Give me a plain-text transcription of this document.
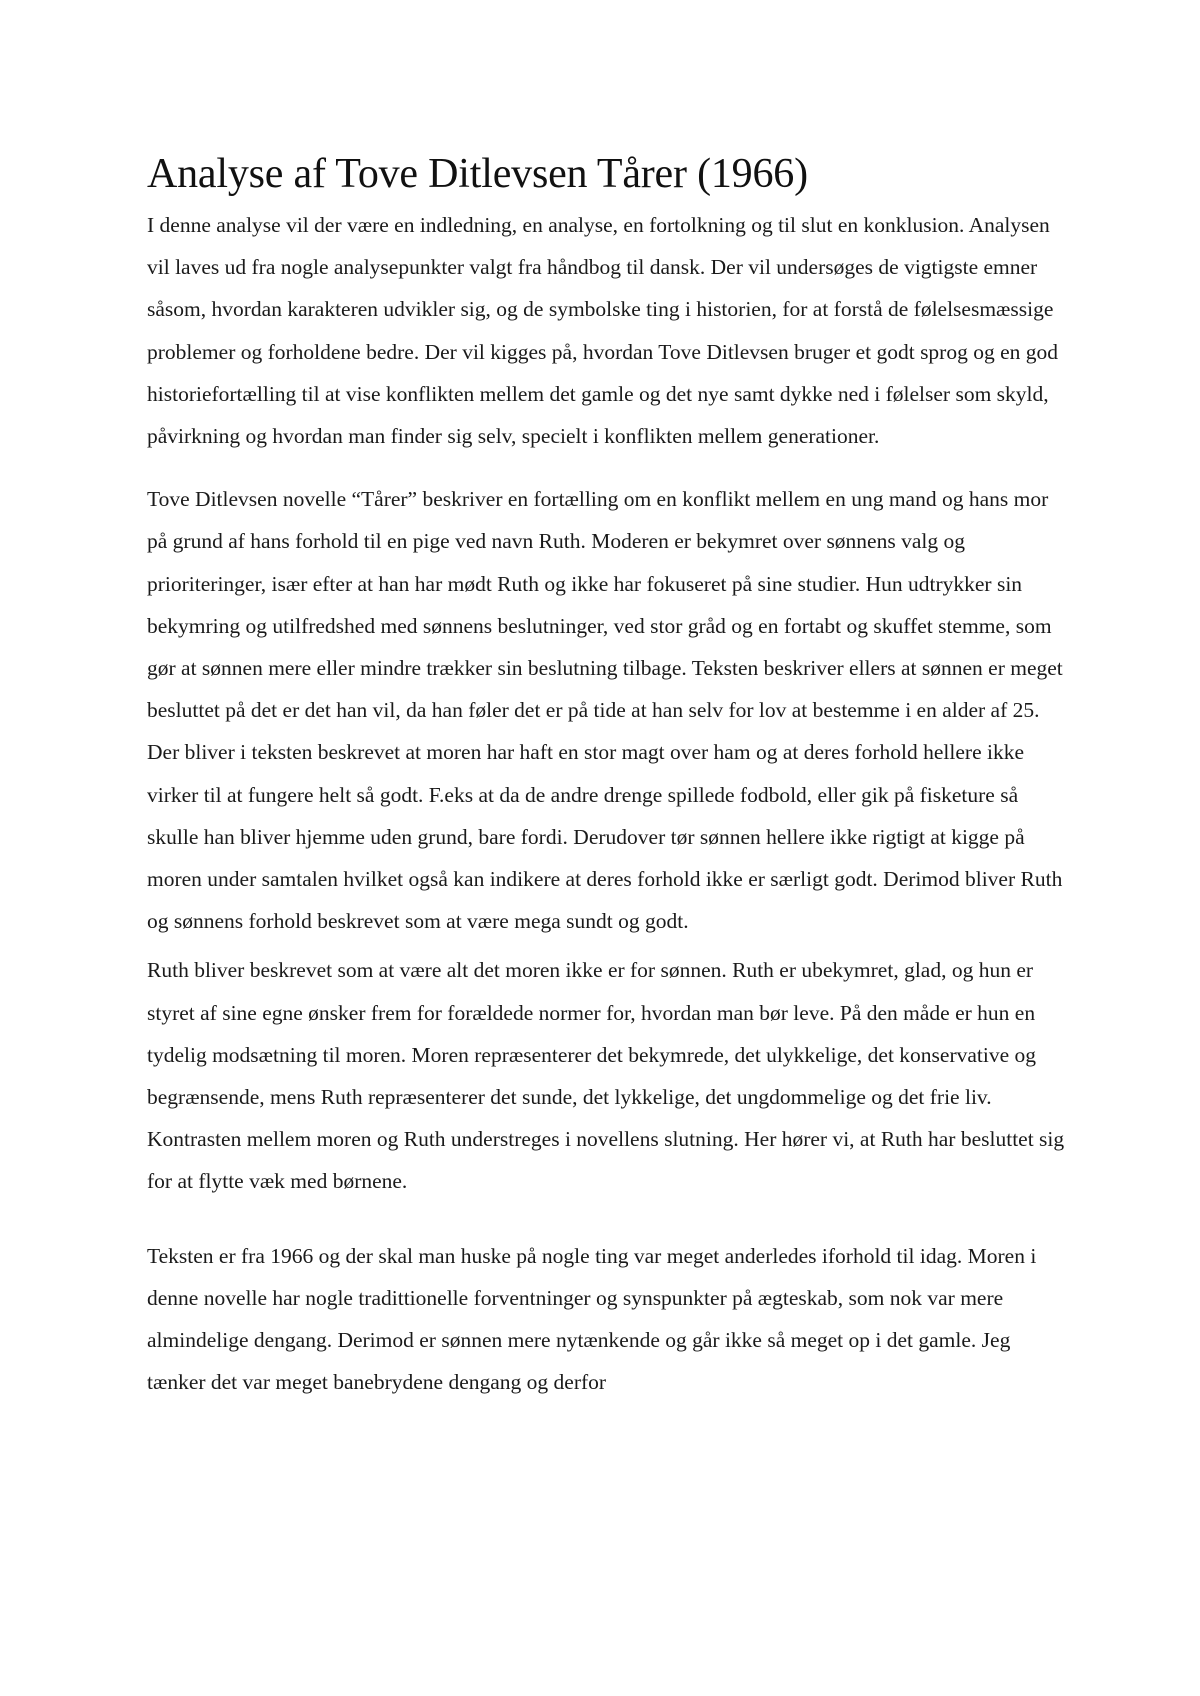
Analyse af Tove Ditlevsen Tårer (1966)

I denne analyse vil der være en indledning, en analyse, en fortolkning og til slut en konklusion. Analysen vil laves ud fra nogle analysepunkter valgt fra håndbog til dansk. Der vil undersøges de vigtigste emner såsom, hvordan karakteren udvikler sig, og de symbolske ting i historien, for at forstå de følelsesmæssige problemer og forholdene bedre. Der vil kigges på, hvordan Tove Ditlevsen bruger et godt sprog og en god historiefortælling til at vise konflikten mellem det gamle og det nye samt dykke ned i følelser som skyld, påvirkning og hvordan man finder sig selv, specielt i konflikten mellem generationer.

Tove Ditlevsen novelle “Tårer” beskriver en fortælling om en konflikt mellem en ung mand og hans mor på grund af hans forhold til en pige ved navn Ruth. Moderen er bekymret over sønnens valg og prioriteringer, især efter at han har mødt Ruth og ikke har fokuseret på sine studier. Hun udtrykker sin bekymring og utilfredshed med sønnens beslutninger, ved stor gråd og en fortabt og skuffet stemme, som gør at sønnen mere eller mindre trækker sin beslutning tilbage. Teksten beskriver ellers at sønnen er meget besluttet på det er det han vil, da han føler det er på tide at han selv for lov at bestemme i en alder af 25. Der bliver i teksten beskrevet at moren har haft en stor magt over ham og at deres forhold hellere ikke virker til at fungere helt så godt. F.eks at da de andre drenge spillede fodbold, eller gik på fisketure så skulle han bliver hjemme uden grund, bare fordi. Derudover tør sønnen hellere ikke rigtigt at kigge på moren under samtalen hvilket også kan indikere at deres forhold ikke er særligt godt. Derimod bliver Ruth og sønnens forhold beskrevet som at være mega sundt og godt.

Ruth bliver beskrevet som at være alt det moren ikke er for sønnen. Ruth er ubekymret, glad, og hun er styret af sine egne ønsker frem for forældede normer for, hvordan man bør leve. På den måde er hun en tydelig modsætning til moren. Moren repræsenterer det bekymrede, det ulykkelige, det konservative og begrænsende, mens Ruth repræsenterer det sunde, det lykkelige, det ungdommelige og det frie liv. Kontrasten mellem moren og Ruth understreges i novellens slutning. Her hører vi, at Ruth har besluttet sig for at flytte væk med børnene.

Teksten er fra 1966 og der skal man huske på nogle ting var meget anderledes iforhold til idag. Moren i denne novelle har nogle tradittionelle forventninger og synspunkter på ægteskab, som nok var mere almindelige dengang. Derimod er sønnen mere nytænkende og går ikke så meget op i det gamle. Jeg tænker det var meget banebrydene dengang og derfor
